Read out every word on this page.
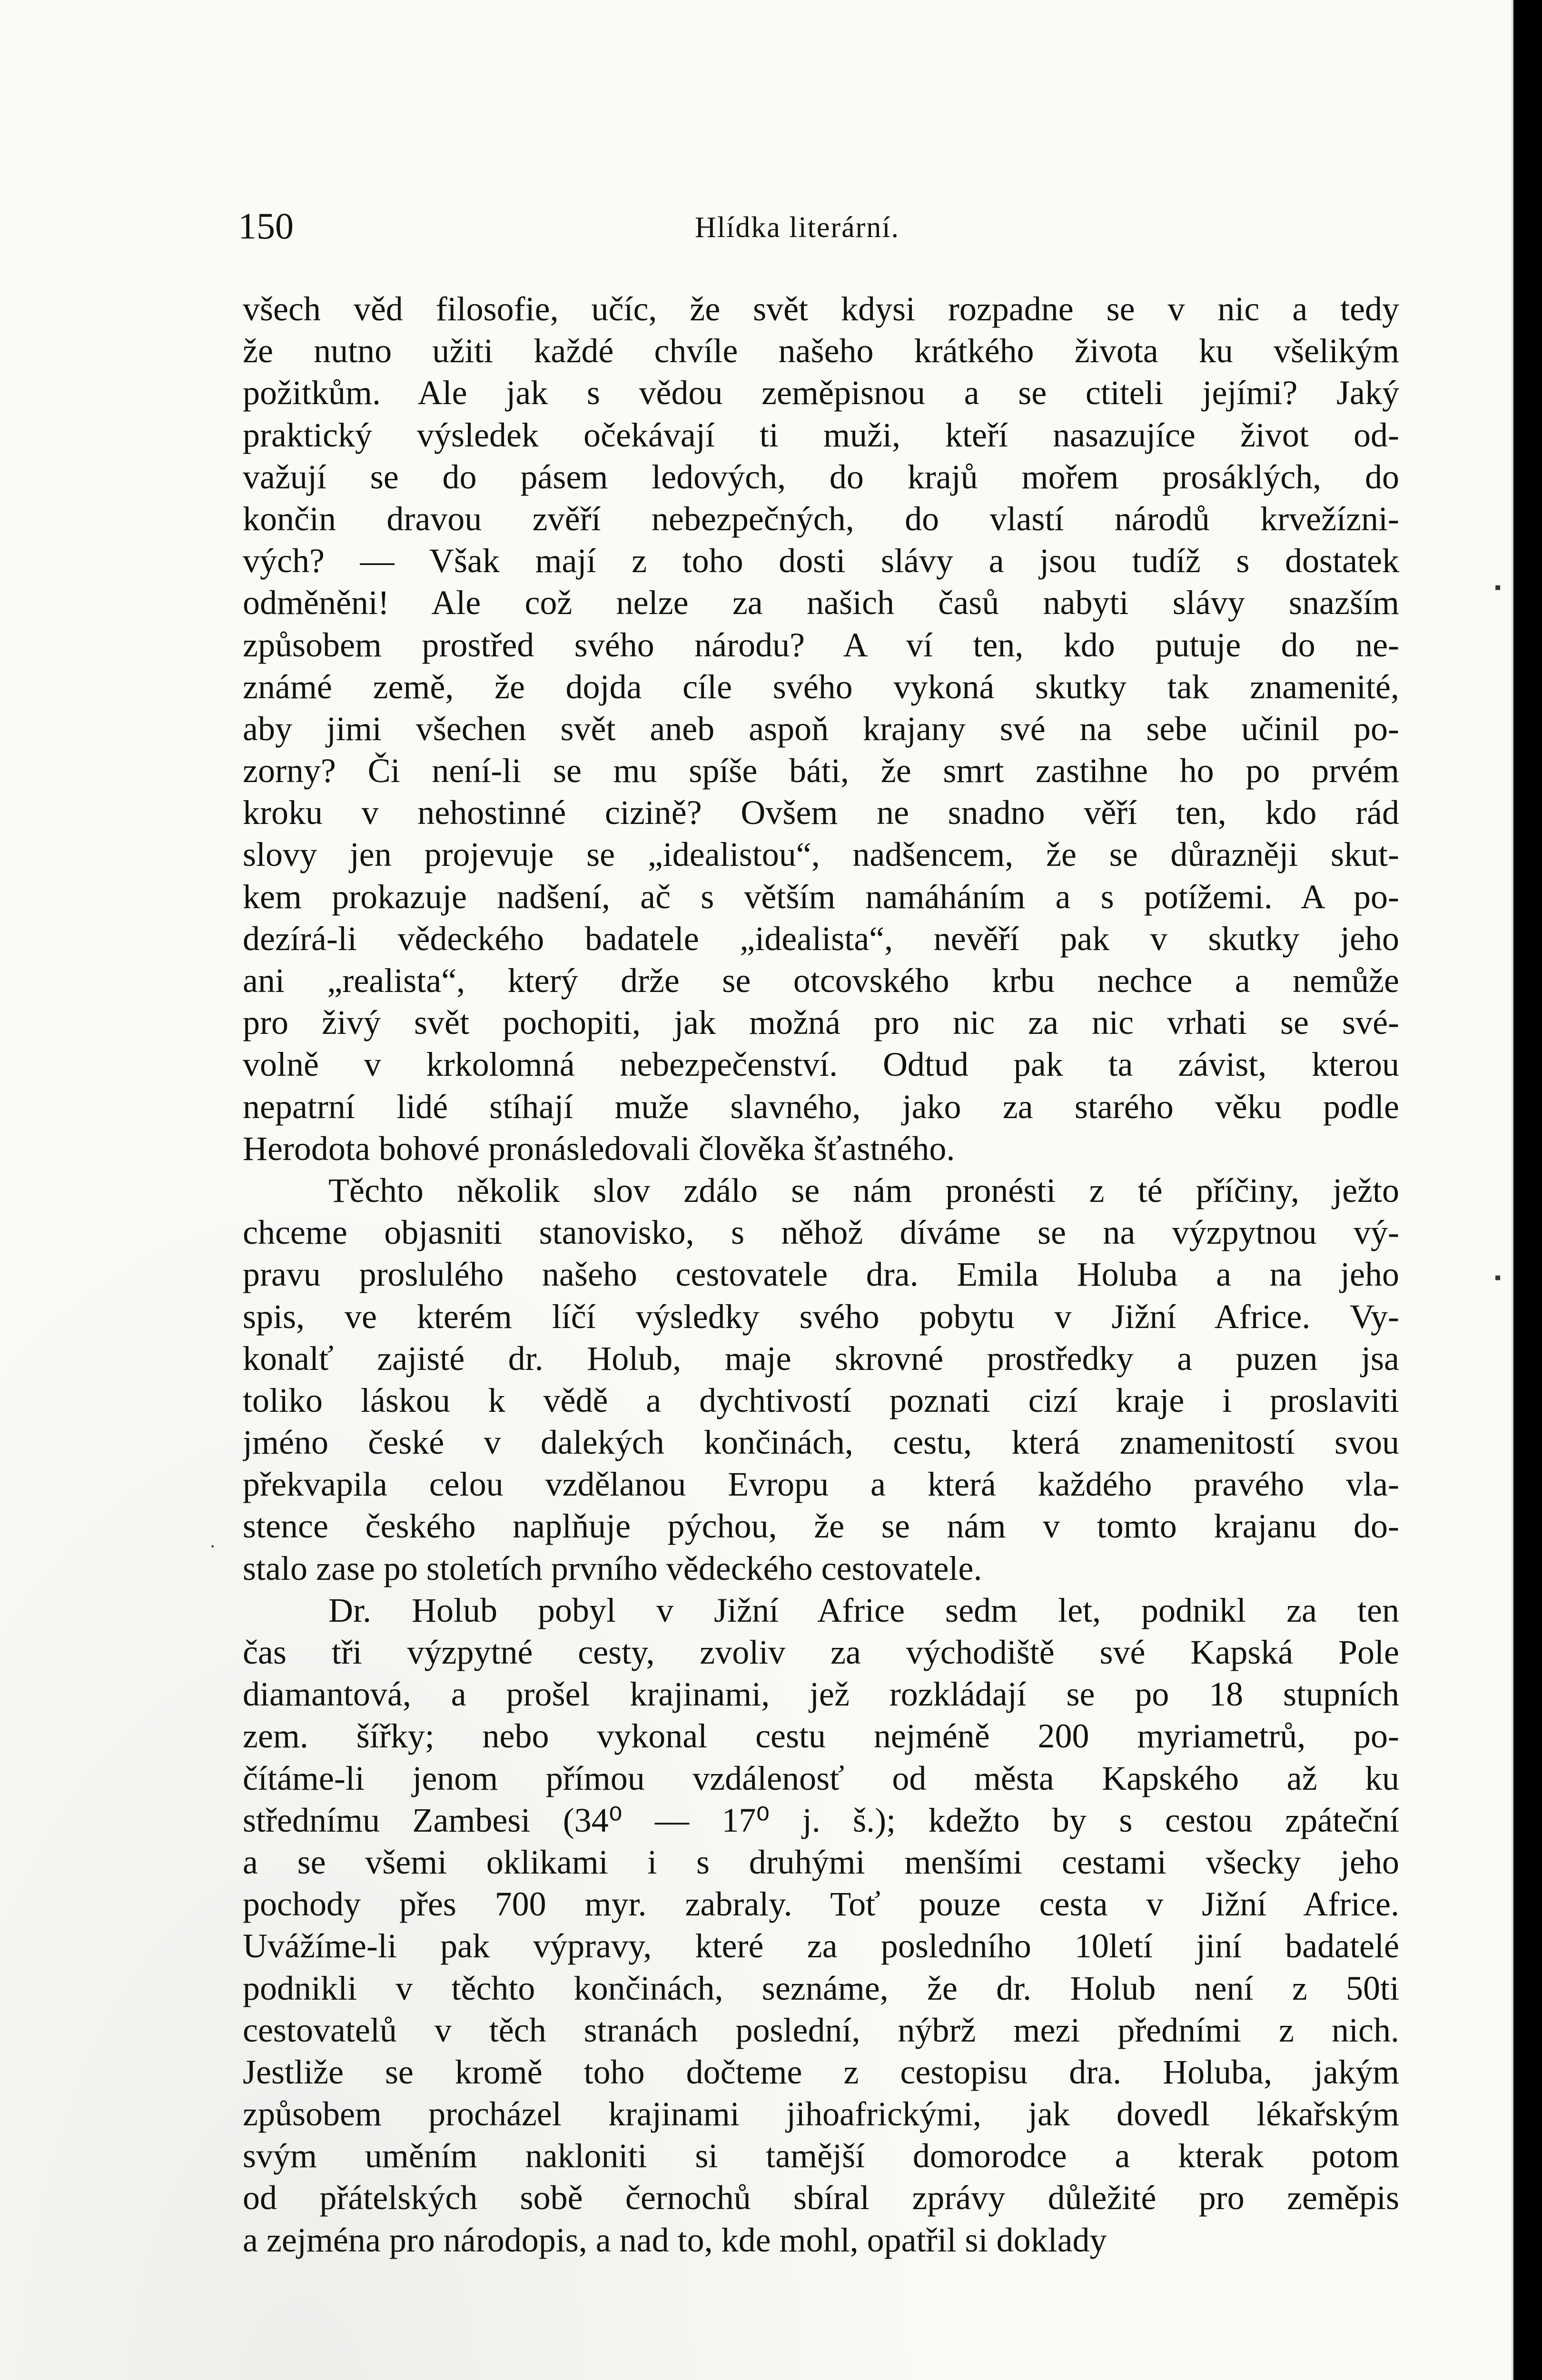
150	Hlídka literární.
všech věd filosofie, učíc, že svět kdysi rozpadne se v nic a tedy
že nutno užiti každé chvíle našeho krátkého života ku všelikým
požitkům. Ale jak s vědou zeměpisnou a se ctiteli jejími? Jaký
praktický výsledek očekávají ti muži, kteří nasazujíce život od-
važují se do pásem ledových, do krajů mořem prosáklých, do
končin dravou zvěří nebezpečných, do vlastí národů krvežízni-
vých? — Však mají z toho dosti slávy a jsou tudíž s dostatek
odměněni! Ale což nelze za našich časů nabyti slávy snazším
způsobem prostřed svého národu? A ví ten, kdo putuje do ne-
známé země, že dojda cíle svého vykoná skutky tak znamenité,
aby jimi všechen svět aneb aspoň krajany své na sebe učinil po-
zorny? Či není-li se mu spíše báti, že smrt zastihne ho po prvém
kroku v nehostinné cizině? Ovšem ne snadno věří ten, kdo rád
slovy jen projevuje se „idealistou“, nadšencem, že se důrazněji skut-
kem prokazuje nadšení, ač s větším namáháním a s potížemi. A po-
dezírá-li vědeckého badatele „idealista“, nevěří pak v skutky jeho
ani „realista“, který drže se otcovského krbu nechce a nemůže
pro živý svět pochopiti, jak možná pro nic za nic vrhati se své-
volně v krkolomná nebezpečenství. Odtud pak ta závist, kterou
nepatrní lidé stíhají muže slavného, jako za starého věku podle
Herodota bohové pronásledovali člověka šťastného.
Těchto několik slov zdálo se nám pronésti z té příčiny, ježto
chceme objasniti stanovisko, s něhož díváme se na výzpytnou vý-
pravu proslulého našeho cestovatele dra. Emila Holuba a na jeho
spis, ve kterém líčí výsledky svého pobytu v Jižní Africe. Vy-
konalť zajisté dr. Holub, maje skrovné prostředky a puzen jsa
toliko láskou k vědě a dychtivostí poznati cizí kraje i proslaviti
jméno české v dalekých končinách, cestu, která znamenitostí svou
překvapila celou vzdělanou Evropu a která každého pravého vla-
stence českého naplňuje pýchou, že se nám v tomto krajanu do-
stalo zase po stoletích prvního vědeckého cestovatele.
Dr. Holub pobyl v Jižní Africe sedm let, podnikl za ten
čas tři výzpytné cesty, zvoliv za východiště své Kapská Pole
diamantová, a prošel krajinami, jež rozkládají se po 18 stupních
zem. šířky; nebo vykonal cestu nejméně 200 myriametrů, po-
čítáme-li jenom přímou vzdálenosť od města Kapského až ku
střednímu Zambesi (34⁰ — 17⁰ j. š.); kdežto by s cestou zpáteční
a se všemi oklikami i s druhými menšími cestami všecky jeho
pochody přes 700 myr. zabraly. Toť pouze cesta v Jižní Africe.
Uvážíme-li pak výpravy, které za posledního 10letí jiní badatelé
podnikli v těchto končinách, seznáme, že dr. Holub není z 50ti
cestovatelů v těch stranách poslední, nýbrž mezi předními z nich.
Jestliže se kromě toho dočteme z cestopisu dra. Holuba, jakým
způsobem procházel krajinami jihoafrickými, jak dovedl lékařským
svým uměním nakloniti si tamější domorodce a kterak potom
od přátelských sobě černochů sbíral zprávy důležité pro zeměpis
a zejména pro národopis, a nad to, kde mohl, opatřil si doklady
▪
▪
·
